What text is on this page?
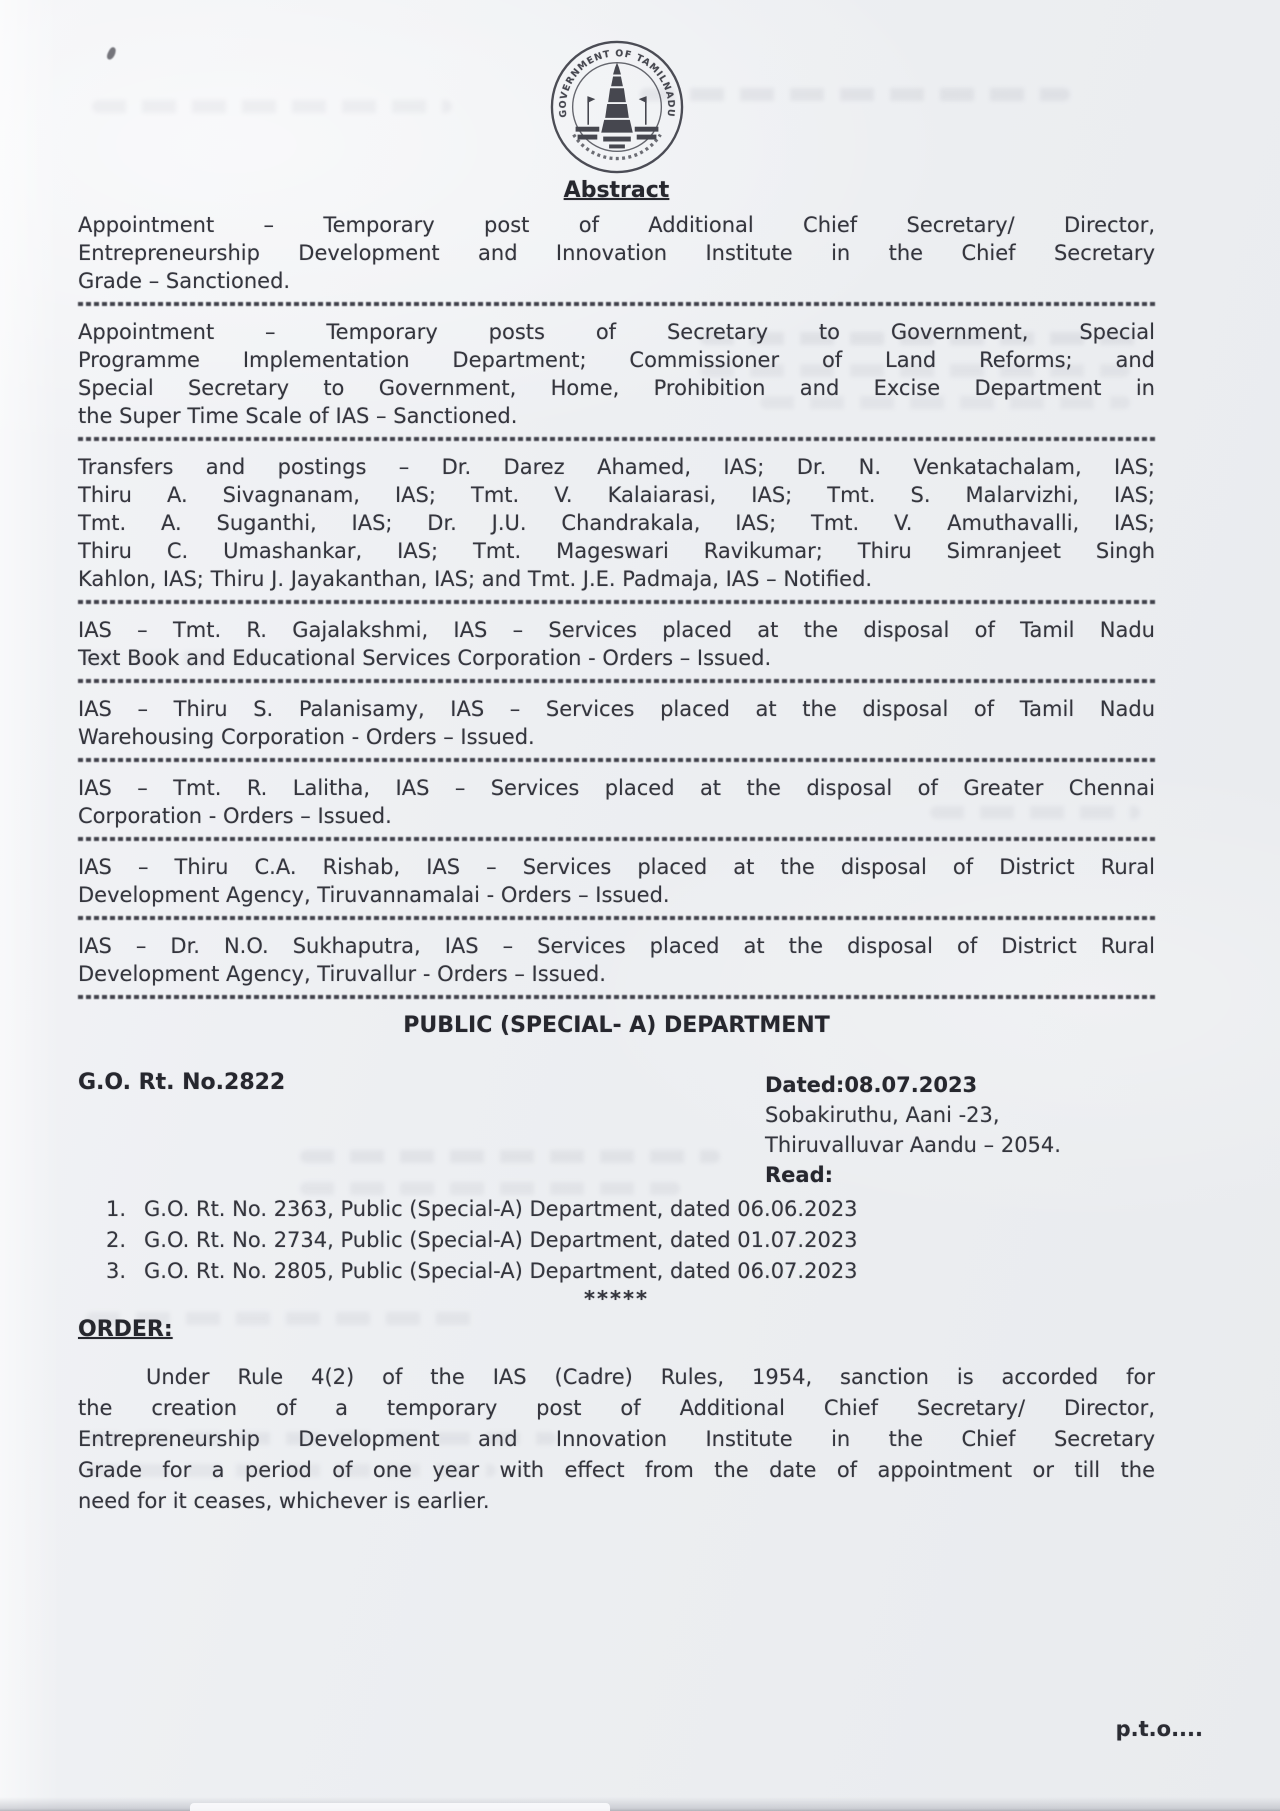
GOVERNMENT OF TAMILNADU
Abstract
Appointment – Temporary post of Additional Chief Secretary/ Director,
Entrepreneurship Development and Innovation Institute in the Chief Secretary
Grade – Sanctioned.
Appointment – Temporary posts of Secretary to Government, Special
Programme Implementation Department; Commissioner of Land Reforms; and
Special Secretary to Government, Home, Prohibition and Excise Department in
the Super Time Scale of IAS – Sanctioned.
Transfers and postings – Dr. Darez Ahamed, IAS; Dr. N. Venkatachalam, IAS;
Thiru A. Sivagnanam, IAS; Tmt. V. Kalaiarasi, IAS; Tmt. S. Malarvizhi, IAS;
Tmt. A. Suganthi, IAS; Dr. J.U. Chandrakala, IAS; Tmt. V. Amuthavalli, IAS;
Thiru C. Umashankar, IAS; Tmt. Mageswari Ravikumar; Thiru Simranjeet Singh
Kahlon, IAS; Thiru J. Jayakanthan, IAS; and Tmt. J.E. Padmaja, IAS – Notified.
IAS – Tmt. R. Gajalakshmi, IAS – Services placed at the disposal of Tamil Nadu
Text Book and Educational Services Corporation - Orders – Issued.
IAS – Thiru S. Palanisamy, IAS – Services placed at the disposal of Tamil Nadu
Warehousing Corporation - Orders – Issued.
IAS – Tmt. R. Lalitha, IAS – Services placed at the disposal of Greater Chennai
Corporation - Orders – Issued.
IAS – Thiru C.A. Rishab, IAS – Services placed at the disposal of District Rural
Development Agency, Tiruvannamalai - Orders – Issued.
IAS – Dr. N.O. Sukhaputra, IAS – Services placed at the disposal of District Rural
Development Agency, Tiruvallur - Orders – Issued.
PUBLIC (SPECIAL- A) DEPARTMENT
G.O. Rt. No.2822	Dated:08.07.2023
Sobakiruthu, Aani -23,
Thiruvalluvar Aandu – 2054.
Read:
1. G.O. Rt. No. 2363, Public (Special-A) Department, dated 06.06.2023
2. G.O. Rt. No. 2734, Public (Special-A) Department, dated 01.07.2023
3. G.O. Rt. No. 2805, Public (Special-A) Department, dated 06.07.2023
*****
ORDER:
Under Rule 4(2) of the IAS (Cadre) Rules, 1954, sanction is accorded for
the creation of a temporary post of Additional Chief Secretary/ Director,
Entrepreneurship Development and Innovation Institute in the Chief Secretary
Grade for a period of one year with effect from the date of appointment or till the
need for it ceases, whichever is earlier.
p.t.o....
